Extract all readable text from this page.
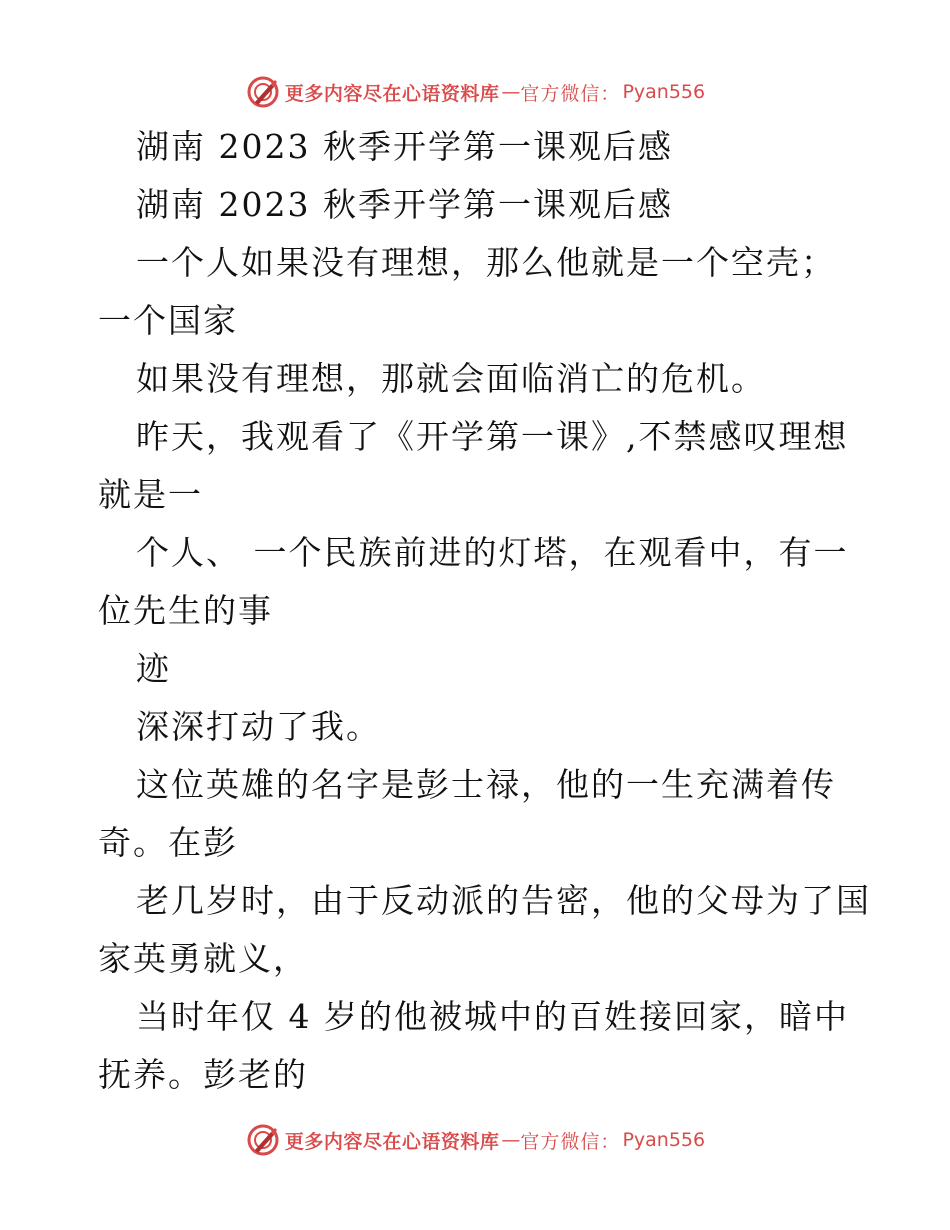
更多内容尽在心语资料库 — 官方微信： Pyan556
湖南 2023 秋季开学第一课观后感
湖南 2023 秋季开学第一课观后感
一个人如果没有理想，那么他就是一个空壳；
一个国家
如果没有理想，那就会面临消亡的危机。
昨天，我观看了《开学第一课》,不禁感叹理想
就是一
个人、 一个民族前进的灯塔，在观看中，有一
位先生的事
迹
深深打动了我。
这位英雄的名字是彭士禄，他的一生充满着传
奇。在彭
老几岁时，由于反动派的告密，他的父母为了国
家英勇就义，
当时年仅 4 岁的他被城中的百姓接回家，暗中
抚养。彭老的
更多内容尽在心语资料库 — 官方微信： Pyan556
